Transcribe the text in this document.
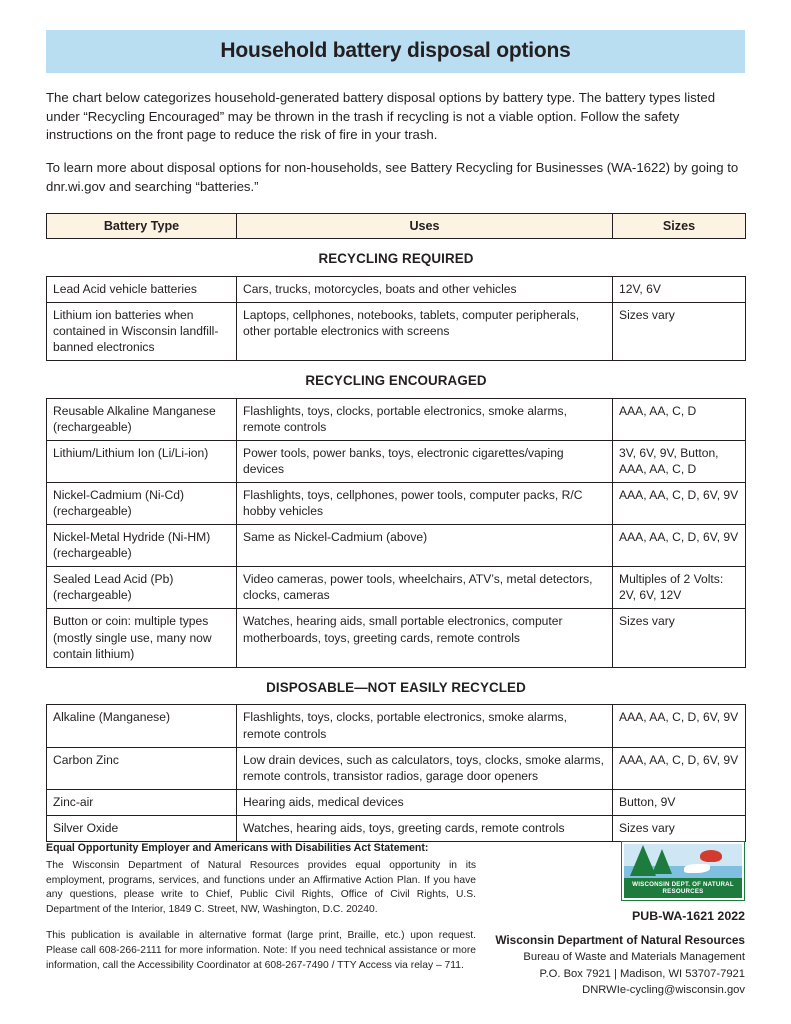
Household battery disposal options

The chart below categorizes household-generated battery disposal options by battery type. The battery types listed under “Recycling Encouraged” may be thrown in the trash if recycling is not a viable option. Follow the safety instructions on the front page to reduce the risk of fire in your trash.

To learn more about disposal options for non-households, see Battery Recycling for Businesses (WA-1622) by going to dnr.wi.gov and searching “batteries.”

Battery Type	Uses	Sizes
RECYCLING REQUIRED		
Lead Acid vehicle batteries	Cars, trucks, motorcycles, boats and other vehicles	12V, 6V
Lithium ion batteries when contained in Wisconsin landfill-banned electronics	Laptops, cellphones, notebooks, tablets, computer peripherals, other portable electronics with screens	Sizes vary
RECYCLING ENCOURAGED		
Reusable Alkaline Manganese (rechargeable)	Flashlights, toys, clocks, portable electronics, smoke alarms, remote controls	AAA, AA, C, D
Lithium/Lithium Ion (Li/Li-ion)	Power tools, power banks, toys, electronic cigarettes/vaping devices	3V, 6V, 9V, Button, AAA, AA, C, D
Nickel-Cadmium (Ni-Cd) (rechargeable)	Flashlights, toys, cellphones, power tools, computer packs, R/C hobby vehicles	AAA, AA, C, D, 6V, 9V
Nickel-Metal Hydride (Ni-HM) (rechargeable)	Same as Nickel-Cadmium (above)	AAA, AA, C, D, 6V, 9V
Sealed Lead Acid (Pb) (rechargeable)	Video cameras, power tools, wheelchairs, ATV’s, metal detectors, clocks, cameras	Multiples of 2 Volts: 2V, 6V, 12V
Button or coin: multiple types (mostly single use, many now contain lithium)	Watches, hearing aids, small portable electronics, computer motherboards, toys, greeting cards, remote controls	Sizes vary
DISPOSABLE—NOT EASILY RECYCLED		
Alkaline (Manganese)	Flashlights, toys, clocks, portable electronics, smoke alarms, remote controls	AAA, AA, C, D, 6V, 9V
Carbon Zinc	Low drain devices, such as calculators, toys, clocks, smoke alarms, remote controls, transistor radios, garage door openers	AAA, AA, C, D, 6V, 9V
Zinc-air	Hearing aids, medical devices	Button, 9V
Silver Oxide	Watches, hearing aids, toys, greeting cards, remote controls	Sizes vary

Equal Opportunity Employer and Americans with Disabilities Act Statement:
The Wisconsin Department of Natural Resources provides equal opportunity in its employment, programs, services, and functions under an Affirmative Action Plan. If you have any questions, please write to Chief, Public Civil Rights, Office of Civil Rights, U.S. Department of the Interior, 1849 C. Street, NW, Washington, D.C. 20240.

This publication is available in alternative format (large print, Braille, etc.) upon request. Please call 608-266-2111 for more information. Note: If you need technical assistance or more information, call the Accessibility Coordinator at 608-267-7490 / TTY Access via relay – 711.

WISCONSIN DEPT. OF NATURAL RESOURCES
PUB-WA-1621 2022
Wisconsin Department of Natural Resources
Bureau of Waste and Materials Management
P.O. Box 7921 | Madison, WI 53707-7921
DNRWIe-cycling@wisconsin.gov
